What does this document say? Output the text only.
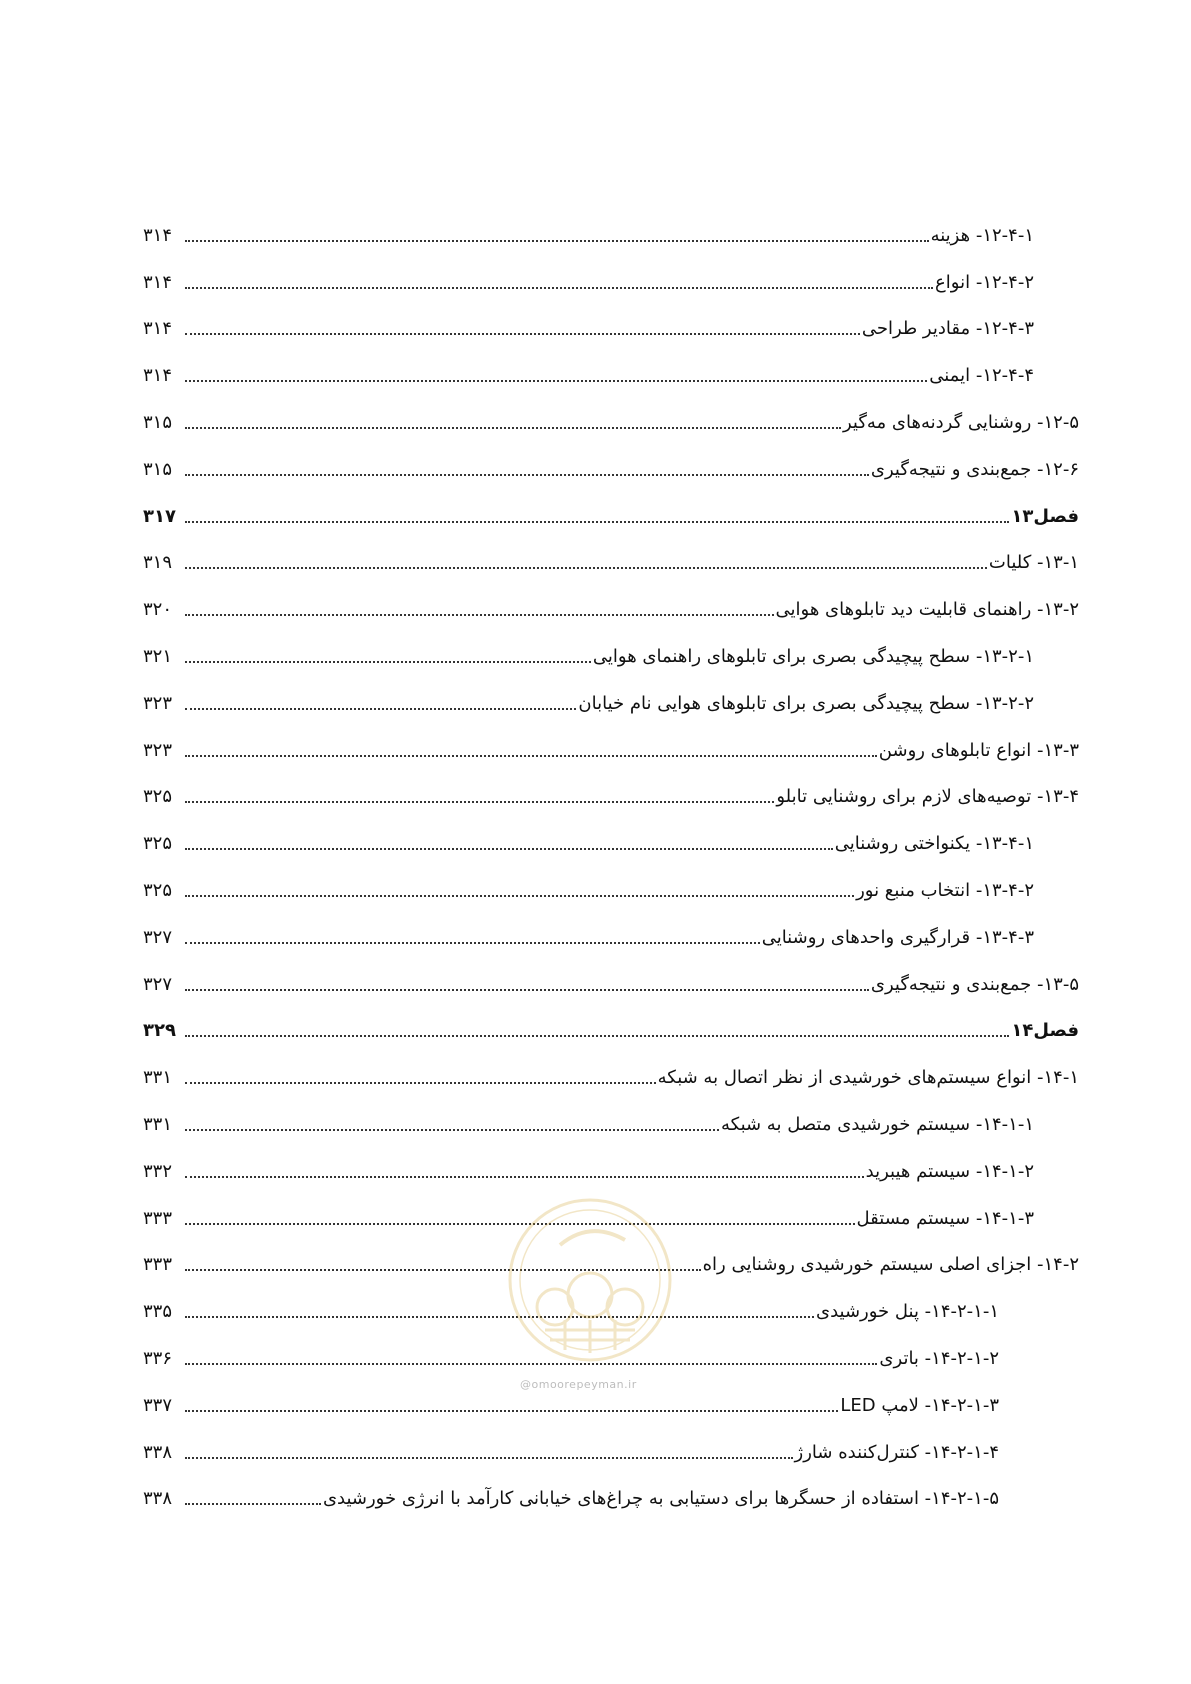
۱۲-۴-۱- هزینه
۳۱۴
۱۲-۴-۲- انواع
۳۱۴
۱۲-۴-۳- مقادیر طراحی
۳۱۴
۱۲-۴-۴- ایمنی
۳۱۴
۱۲-۵- روشنایی گردنه‌های مه‌گیر
۳۱۵
۱۲-۶- جمع‌بندی و نتیجه‌گیری
۳۱۵
فصل۱۳
۳۱۷
۱۳-۱- کلیات
۳۱۹
۱۳-۲- راهنمای قابلیت دید تابلوهای هوایی
۳۲۰
۱۳-۲-۱- سطح پیچیدگی بصری برای تابلوهای راهنمای هوایی
۳۲۱
۱۳-۲-۲- سطح پیچیدگی بصری برای تابلوهای هوایی نام خیابان
۳۲۳
۱۳-۳- انواع تابلوهای روشن
۳۲۳
۱۳-۴- توصیه‌های لازم برای روشنایی تابلو
۳۲۵
۱۳-۴-۱- یکنواختی روشنایی
۳۲۵
۱۳-۴-۲- انتخاب منبع نور
۳۲۵
۱۳-۴-۳- قرارگیری واحدهای روشنایی
۳۲۷
۱۳-۵- جمع‌بندی و نتیجه‌گیری
۳۲۷
فصل۱۴
۳۲۹
۱۴-۱- انواع سیستم‌های خورشیدی از نظر اتصال به شبکه
۳۳۱
۱۴-۱-۱- سیستم خورشیدی متصل به شبکه
۳۳۱
۱۴-۱-۲- سیستم هیبرید
۳۳۲
۱۴-۱-۳- سیستم مستقل
۳۳۳
۱۴-۲- اجزای اصلی سیستم خورشیدی روشنایی راه
۳۳۳
۱۴-۲-۱-۱- پنل خورشیدی
۳۳۵
۱۴-۲-۱-۲- باتری
۳۳۶
۱۴-۲-۱-۳- لامپ LED
۳۳۷
۱۴-۲-۱-۴- کنترل‌کننده شارژ
۳۳۸
۱۴-۲-۱-۵- استفاده از حسگرها برای دستیابی به چراغ‌های خیابانی کارآمد با انرژی خورشیدی
۳۳۸
@omoorepeyman.ir
